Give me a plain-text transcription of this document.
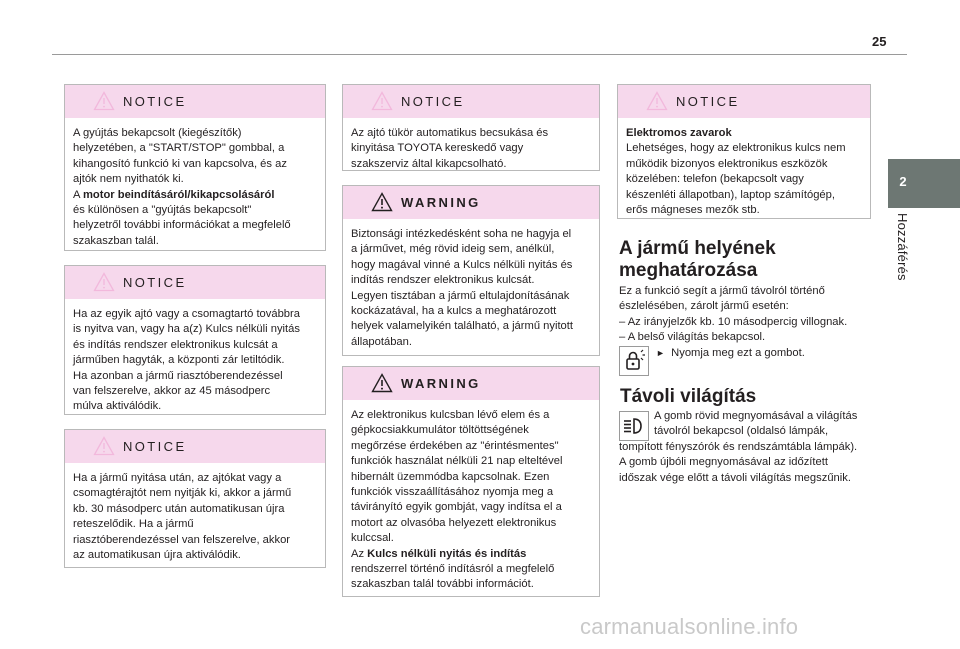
25
2
Hozzáférés
NOTICE

A gyújtás bekapcsolt (kiegészítők)

helyzetében, a "START/STOP" gombbal, a

kihangosító funkció ki van kapcsolva, és az

ajtók nem nyithatók ki.

A motor beindításáról/kikapcsolásáról

és különösen a "gyújtás bekapcsolt"

helyzetről további információkat a megfelelő

szakaszban talál.

NOTICE

Ha az egyik ajtó vagy a csomagtartó továbbra

is nyitva van, vagy ha a(z) Kulcs nélküli nyitás

és indítás rendszer elektronikus kulcsát a

járműben hagyták, a központi zár letiltódik.

Ha azonban a jármű riasztóberendezéssel

van felszerelve, akkor az 45 másodperc

múlva aktiválódik.

NOTICE

Ha a jármű nyitása után, az ajtókat vagy a

csomagtérajtót nem nyitják ki, akkor a jármű

kb. 30 másodperc után automatikusan újra

reteszelődik. Ha a jármű

riasztóberendezéssel van felszerelve, akkor

az automatikusan újra aktiválódik.

NOTICE

Az ajtó tükör automatikus becsukása és

kinyitása TOYOTA kereskedő vagy

szakszerviz által kikapcsolható.

WARNING

Biztonsági intézkedésként soha ne hagyja el

a járművet, még rövid ideig sem, anélkül,

hogy magával vinné a Kulcs nélküli nyitás és

indítás rendszer elektronikus kulcsát.

Legyen tisztában a jármű eltulajdonításának

kockázatával, ha a kulcs a meghatározott

helyek valamelyikén található, a jármű nyitott

állapotában.

WARNING

Az elektronikus kulcsban lévő elem és a

gépkocsiakkumulátor töltöttségének

megőrzése érdekében az "érintésmentes"

funkciók használat nélküli 21 nap elteltével

hibernált üzemmódba kapcsolnak. Ezen

funkciók visszaállításához nyomja meg a

távirányító egyik gombját, vagy indítsa el a

motort az olvasóba helyezett elektronikus

kulccsal.

Az Kulcs nélküli nyitás és indítás

rendszerrel történő indításról a megfelelő

szakaszban talál további információt.

NOTICE

Elektromos zavarok

Lehetséges, hogy az elektronikus kulcs nem

működik bizonyos elektronikus eszközök

közelében: telefon (bekapcsolt vagy

készenléti állapotban), laptop számítógép,

erős mágneses mezők stb.

A jármű helyének
meghatározása
Ez a funkció segít a jármű távolról történő
észlelésében, zárolt jármű esetén:
– Az irányjelzők kb. 10 másodpercig villognak.
– A belső világítás bekapcsol.
► Nyomja meg ezt a gombot.
Távoli világítás
A gomb rövid megnyomásával a világítás
távolról bekapcsol (oldalsó lámpák,
tompított fényszórók és rendszámtábla lámpák).
A gomb újbóli megnyomásával az időzített
időszak vége előtt a távoli világítás megszűnik.
carmanualsonline.info
